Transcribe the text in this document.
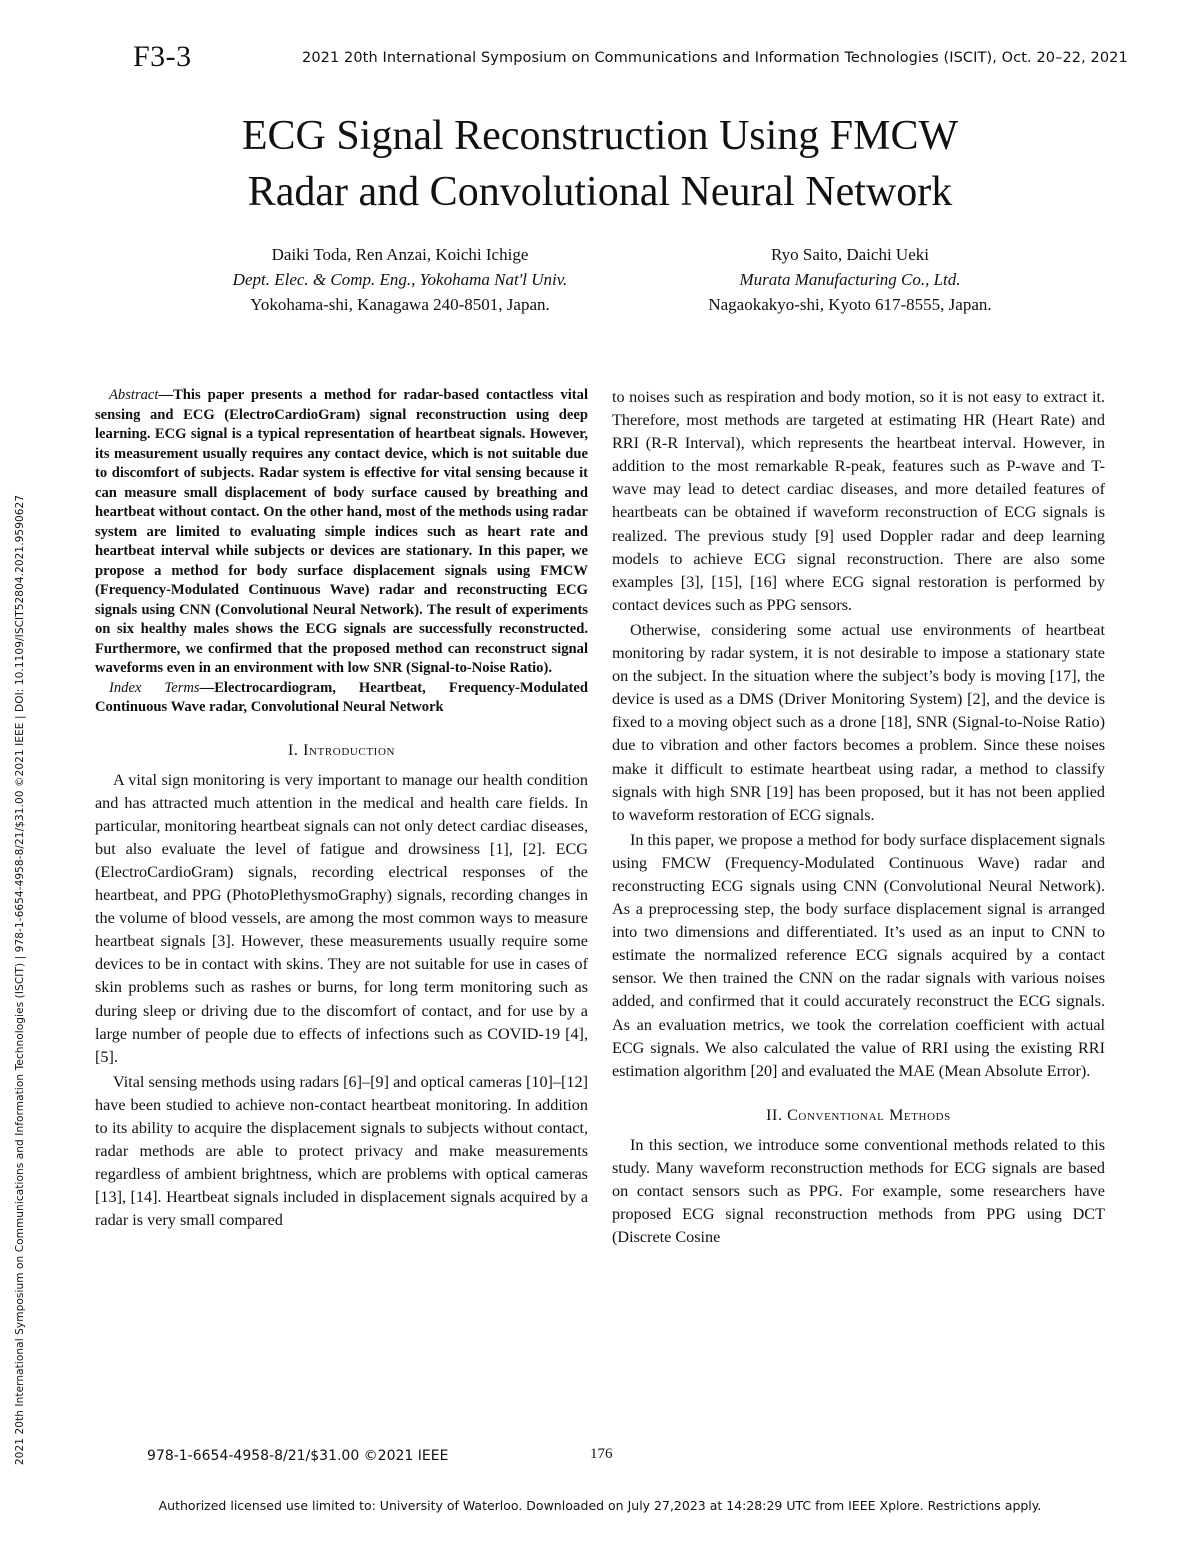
F3-3	2021 20th International Symposium on Communications and Information Technologies (ISCIT), Oct. 20–22, 2021
2021 20th International Symposium on Communications and Information Technologies (ISCIT) | 978-1-6654-4958-8/21/$31.00 ©2021 IEEE | DOI: 10.1109/ISCIT52804.2021.9590627
ECG Signal Reconstruction Using FMCW
Radar and Convolutional Neural Network
Daiki Toda, Ren Anzai, Koichi Ichige
Dept. Elec. & Comp. Eng., Yokohama Nat'l Univ.
Yokohama-shi, Kanagawa 240-8501, Japan.
Ryo Saito, Daichi Ueki
Murata Manufacturing Co., Ltd.
Nagaokakyo-shi, Kyoto 617-8555, Japan.

Abstract—This paper presents a method for radar-based contactless vital sensing and ECG (ElectroCardioGram) signal reconstruction using deep learning. ECG signal is a typical representation of heartbeat signals. However, its measurement usually requires any contact device, which is not suitable due to discomfort of subjects. Radar system is effective for vital sensing because it can measure small displacement of body surface caused by breathing and heartbeat without contact. On the other hand, most of the methods using radar system are limited to evaluating simple indices such as heart rate and heartbeat interval while subjects or devices are stationary. In this paper, we propose a method for body surface displacement signals using FMCW (Frequency-Modulated Continuous Wave) radar and reconstructing ECG signals using CNN (Convolutional Neural Network). The result of experiments on six healthy males shows the ECG signals are successfully reconstructed. Furthermore, we confirmed that the proposed method can reconstruct signal waveforms even in an environment with low SNR (Signal-to-Noise Ratio).

Index Terms—Electrocardiogram, Heartbeat, Frequency-Modulated Continuous Wave radar, Convolutional Neural Network

I. Introduction

A vital sign monitoring is very important to manage our health condition and has attracted much attention in the medical and health care fields. In particular, monitoring heartbeat signals can not only detect cardiac diseases, but also evaluate the level of fatigue and drowsiness [1], [2]. ECG (ElectroCardioGram) signals, recording electrical responses of the heartbeat, and PPG (PhotoPlethysmoGraphy) signals, recording changes in the volume of blood vessels, are among the most common ways to measure heartbeat signals [3]. However, these measurements usually require some devices to be in contact with skins. They are not suitable for use in cases of skin problems such as rashes or burns, for long term monitoring such as during sleep or driving due to the discomfort of contact, and for use by a large number of people due to effects of infections such as COVID-19 [4], [5].

Vital sensing methods using radars [6]–[9] and optical cameras [10]–[12] have been studied to achieve non-contact heartbeat monitoring. In addition to its ability to acquire the displacement signals to subjects without contact, radar methods are able to protect privacy and make measurements regardless of ambient brightness, which are problems with optical cameras [13], [14]. Heartbeat signals included in displacement signals acquired by a radar is very small compared

to noises such as respiration and body motion, so it is not easy to extract it. Therefore, most methods are targeted at estimating HR (Heart Rate) and RRI (R-R Interval), which represents the heartbeat interval. However, in addition to the most remarkable R-peak, features such as P-wave and T-wave may lead to detect cardiac diseases, and more detailed features of heartbeats can be obtained if waveform reconstruction of ECG signals is realized. The previous study [9] used Doppler radar and deep learning models to achieve ECG signal reconstruction. There are also some examples [3], [15], [16] where ECG signal restoration is performed by contact devices such as PPG sensors.

Otherwise, considering some actual use environments of heartbeat monitoring by radar system, it is not desirable to impose a stationary state on the subject. In the situation where the subject’s body is moving [17], the device is used as a DMS (Driver Monitoring System) [2], and the device is fixed to a moving object such as a drone [18], SNR (Signal-to-Noise Ratio) due to vibration and other factors becomes a problem. Since these noises make it difficult to estimate heartbeat using radar, a method to classify signals with high SNR [19] has been proposed, but it has not been applied to waveform restoration of ECG signals.

In this paper, we propose a method for body surface displacement signals using FMCW (Frequency-Modulated Continuous Wave) radar and reconstructing ECG signals using CNN (Convolutional Neural Network). As a preprocessing step, the body surface displacement signal is arranged into two dimensions and differentiated. It’s used as an input to CNN to estimate the normalized reference ECG signals acquired by a contact sensor. We then trained the CNN on the radar signals with various noises added, and confirmed that it could accurately reconstruct the ECG signals. As an evaluation metrics, we took the correlation coefficient with actual ECG signals. We also calculated the value of RRI using the existing RRI estimation algorithm [20] and evaluated the MAE (Mean Absolute Error).

II. Conventional Methods

In this section, we introduce some conventional methods related to this study. Many waveform reconstruction methods for ECG signals are based on contact sensors such as PPG. For example, some researchers have proposed ECG signal reconstruction methods from PPG using DCT (Discrete Cosine

978-1-6654-4958-8/21/$31.00 ©2021 IEEE	176
Authorized licensed use limited to: University of Waterloo. Downloaded on July 27,2023 at 14:28:29 UTC from IEEE Xplore. Restrictions apply.
